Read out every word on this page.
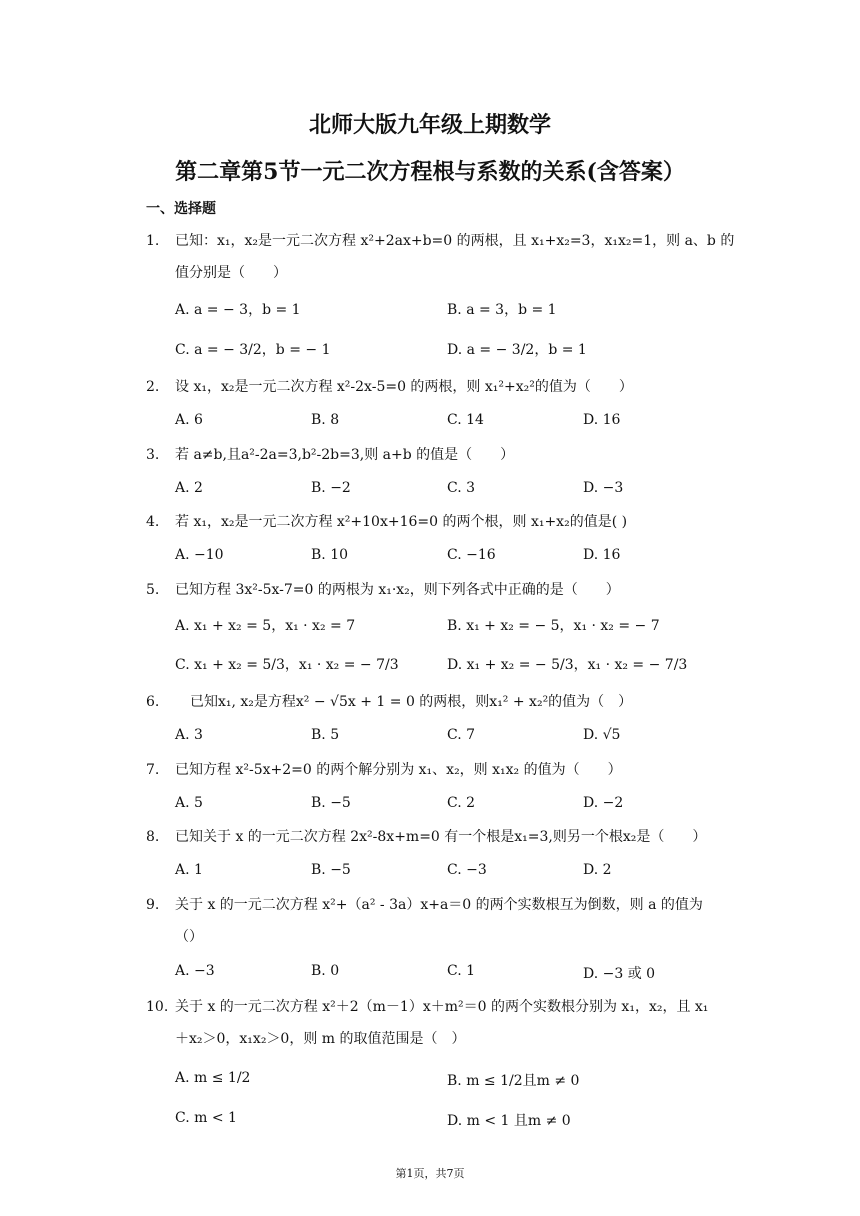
北师大版九年级上期数学
第二章第5节一元二次方程根与系数的关系(含答案）
一、选择题
1.	已知：x₁，x₂是一元二次方程 x²+2ax+b=0 的两根，且 x₁+x₂=3，x₁x₂=1，则 a、b 的
值分别是（　　）
A. a = − 3，b = 1	B. a = 3，b = 1
C. a = − 3/2，b = − 1	D. a = − 3/2，b = 1
2.	设 x₁，x₂是一元二次方程 x²-2x-5=0 的两根，则 x₁²+x₂²的值为（　　）
A. 6	B. 8	C. 14	D. 16
3.	若 a≠b,且a²-2a=3,b²-2b=3,则 a+b 的值是（　　）
A. 2	B. −2	C. 3	D. −3
4.	若 x₁，x₂是一元二次方程 x²+10x+16=0 的两个根，则 x₁+x₂的值是( )
A. −10	B. 10	C. −16	D. 16
5.	已知方程 3x²-5x-7=0 的两根为 x₁·x₂，则下列各式中正确的是（　　）
A. x₁ + x₂ = 5，x₁ · x₂ = 7	B. x₁ + x₂ = − 5，x₁ · x₂ = − 7
C. x₁ + x₂ = 5/3，x₁ · x₂ = − 7/3	D. x₁ + x₂ = − 5/3，x₁ · x₂ = − 7/3
6.	已知x₁, x₂是方程x² − √5x + 1 = 0 的两根，则x₁² + x₂²的值为（　）
A. 3	B. 5	C. 7	D. √5
7.	已知方程 x²-5x+2=0 的两个解分别为 x₁、x₂，则 x₁x₂ 的值为（　　）
A. 5	B. −5	C. 2	D. −2
8.	已知关于 x 的一元二次方程 2x²-8x+m=0 有一个根是x₁=3,则另一个根x₂是（　　）
A. 1	B. −5	C. −3	D. 2
9.	关于 x 的一元二次方程 x²+（a² - 3a）x+a＝0 的两个实数根互为倒数，则 a 的值为
（）
A. −3	B. 0	C. 1	D. −3 或 0
10. 关于 x 的一元二次方程 x²＋2（m－1）x＋m²＝0 的两个实数根分别为 x₁，x₂，且 x₁
＋x₂＞0，x₁x₂＞0，则 m 的取值范围是（　）
A. m ≤ 1/2	B. m ≤ 1/2且m ≠ 0
C. m < 1	D. m < 1 且m ≠ 0
第1页，共7页
